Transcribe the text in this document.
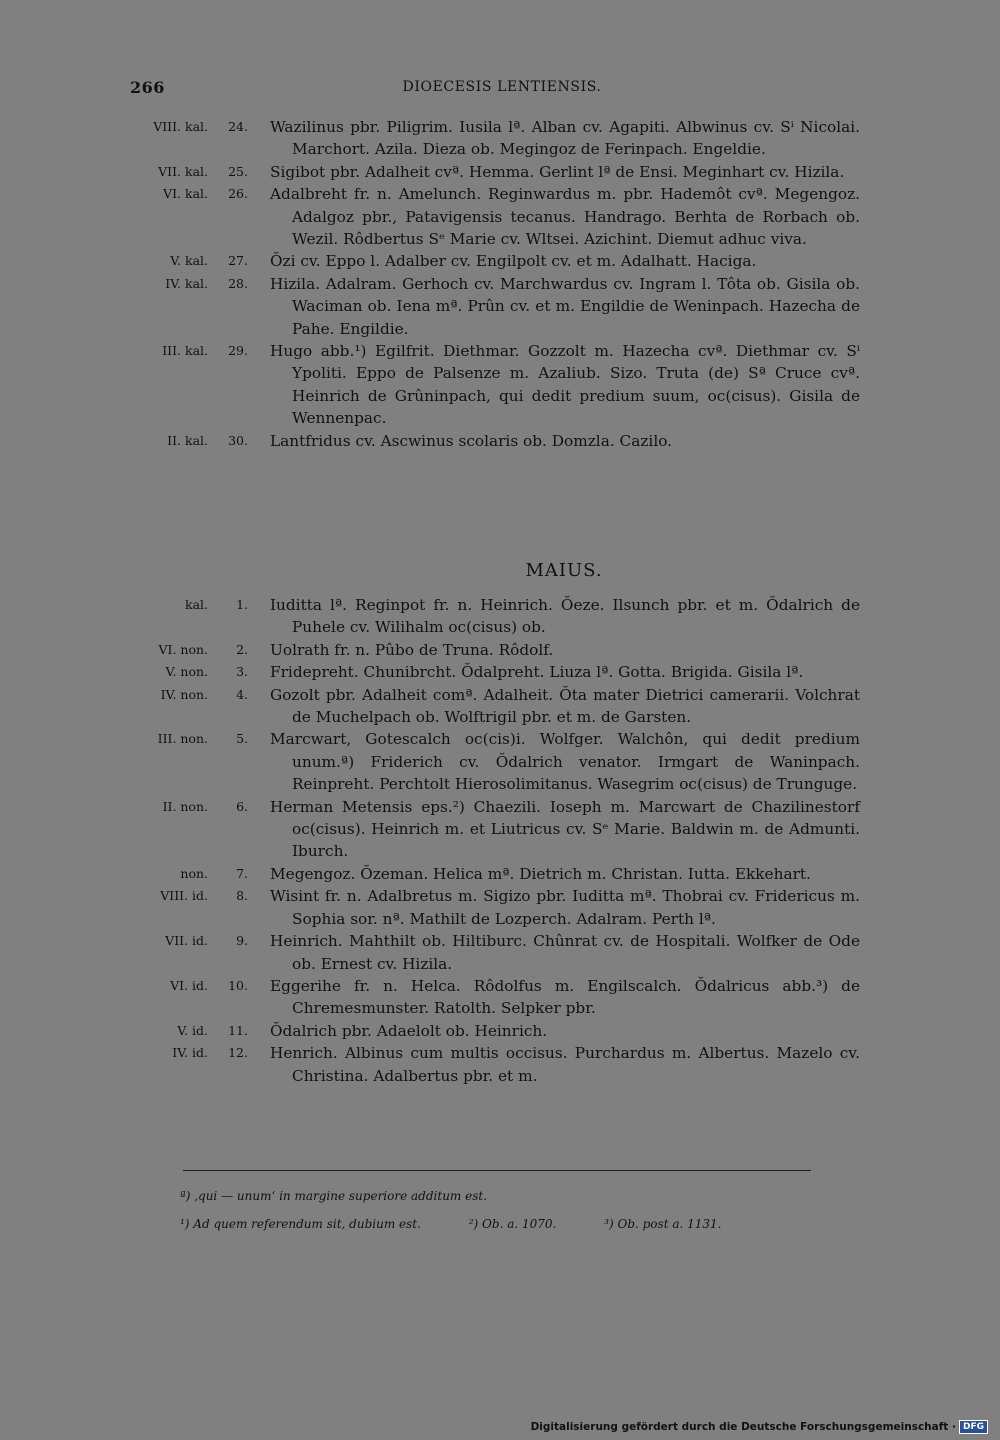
266	DIOECESIS LENTIENSIS.
VIII. kal.	24. Wazilinus pbr. Piligrim. Iusila lª. Alban cv. Agapiti. Albwinus cv. Sⁱ Nicolai. Marchort. Azila. Dieza ob. Megingoz de Ferinpach. Engeldie.
VII. kal.	25. Sigibot pbr. Adalheit cvª. Hemma. Gerlint lª de Ensi. Meginhart cv. Hizila.
VI. kal.	26. Adalbreht fr. n. Amelunch. Reginwardus m. pbr. Hademôt cvª. Megengoz. Adalgoz pbr., Patavigensis tecanus. Handrago. Berhta de Rorbach ob. Wezil. Rôdbertus Sᵉ Marie cv. Wltsei. Azichint. Diemut adhuc viva.
V. kal.	27. Ŏzi cv. Eppo l. Adalber cv. Engilpolt cv. et m. Adalhatt. Haciga.
IV. kal.	28. Hizila. Adalram. Gerhoch cv. Marchwardus cv. Ingram l. Tôta ob. Gisila ob. Waciman ob. Iena mª. Prûn cv. et m. Engildie de Weninpach. Hazecha de Pahe. Engildie.
III. kal.	29. Hugo abb.¹) Egilfrit. Diethmar. Gozzolt m. Hazecha cvª. Diethmar cv. Sⁱ Ypoliti. Eppo de Palsenze m. Azaliub. Sizo. Truta (de) Sª Cruce cvª. Heinrich de Grûninpach, qui dedit predium suum, oc(cisus). Gisila de Wennenpac.
II. kal.	30. Lantfridus cv. Ascwinus scolaris ob. Domzla. Cazilo.
MAIUS.
kal.	1. Iuditta lª. Reginpot fr. n. Heinrich. Ŏeze. Ilsunch pbr. et m. Ŏdalrich de Puhele cv. Wilihalm oc(cisus) ob.
VI. non.	2. Uolrath fr. n. Pûbo de Truna. Rôdolf.
V. non.	3. Fridepreht. Chunibrcht. Ŏdalpreht. Liuza lª. Gotta. Brigida. Gisila lª.
IV. non.	4. Gozolt pbr. Adalheit comª. Adalheit. Ŏta mater Dietrici camerarii. Volchrat de Muchelpach ob. Wolftrigil pbr. et m. de Garsten.
III. non.	5. Marcwart, Gotescalch oc(cis)i. Wolfger. Walchôn, qui dedit predium unum.ª) Friderich cv. Ŏdalrich venator. Irmgart de Waninpach. Reinpreht. Perchtolt Hierosolimitanus. Wasegrim oc(cisus) de Trunguge.
II. non.	6. Herman Metensis eps.²) Chaezili. Ioseph m. Marcwart de Chazilinestorf oc(cisus). Heinrich m. et Liutricus cv. Sᵉ Marie. Baldwin m. de Admunti. Iburch.
non.	7. Megengoz. Ŏzeman. Helica mª. Dietrich m. Christan. Iutta. Ekkehart.
VIII. id.	8. Wisint fr. n. Adalbretus m. Sigizo pbr. Iuditta mª. Thobrai cv. Fridericus m. Sophia sor. nª. Mathilt de Lozperch. Adalram. Perth lª.
VII. id.	9. Heinrich. Mahthilt ob. Hiltiburc. Chûnrat cv. de Hospitali. Wolfker de Ode ob. Ernest cv. Hizila.
VI. id.	10. Eggerihe fr. n. Helca. Rôdolfus m. Engilscalch. Ŏdalricus abb.³) de Chremesmunster. Ratolth. Selpker pbr.
V. id.	11. Ŏdalrich pbr. Adaelolt ob. Heinrich.
IV. id.	12. Henrich. Albinus cum multis occisus. Purchardus m. Albertus. Mazelo cv. Christina. Adalbertus pbr. et m.
ª) ‚qui — unum‘ in margine superiore additum est.
¹) Ad quem referendum sit, dubium est.	²) Ob. a. 1070.	³) Ob. post a. 1131.
Digitalisierung gefördert durch die Deutsche Forschungsgemeinschaft · DFG
